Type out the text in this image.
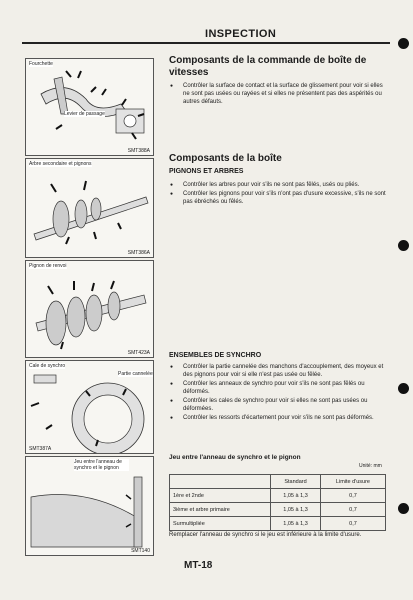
INSPECTION
Fourchette
Levier de passage
SMT388A
Arbre secondaire et pignons
SMT386A
Pignon de renvoi
SMT423A
Cale de synchro
Partie cannelée
SMT387A
Jeu entre l'anneau de synchro et le pignon
SMT140
Composants de la commande de boîte de vitesses
● Contrôler la surface de contact et la surface de glissement pour voir si elles ne sont pas usées ou rayées et si elles ne présentent pas des aspérités ou autres défauts.
Composants de la boîte
PIGNONS ET ARBRES
● Contrôler les arbres pour voir s'ils ne sont pas fêlés, usés ou pliés.
● Contrôler les pignons pour voir s'ils n'ont pas d'usure excessive, s'ils ne sont pas ébréchés ou fêlés.
ENSEMBLES DE SYNCHRO
● Contrôler la partie cannelée des manchons d'accouplement, des moyeux et des pignons pour voir si elle n'est pas usée ou fêlée.
● Contrôler les anneaux de synchro pour voir s'ils ne sont pas fêlés ou déformés.
● Contrôler les cales de synchro pour voir si elles ne sont pas usées ou déformées.
● Contrôler les ressorts d'écartement pour voir s'ils ne sont pas déformés.
Jeu entre l'anneau de synchro et le pignon
Unité: mm
	Standard	Limite d'usure
1ère et 2nde	1,05 à 1,3	0,7
3ième et arbre primaire	1,05 à 1,3	0,7
Surmultipliée	1,05 à 1,3	0,7
Remplacer l'anneau de synchro si le jeu est inférieure à la limite d'usure.
MT-18
